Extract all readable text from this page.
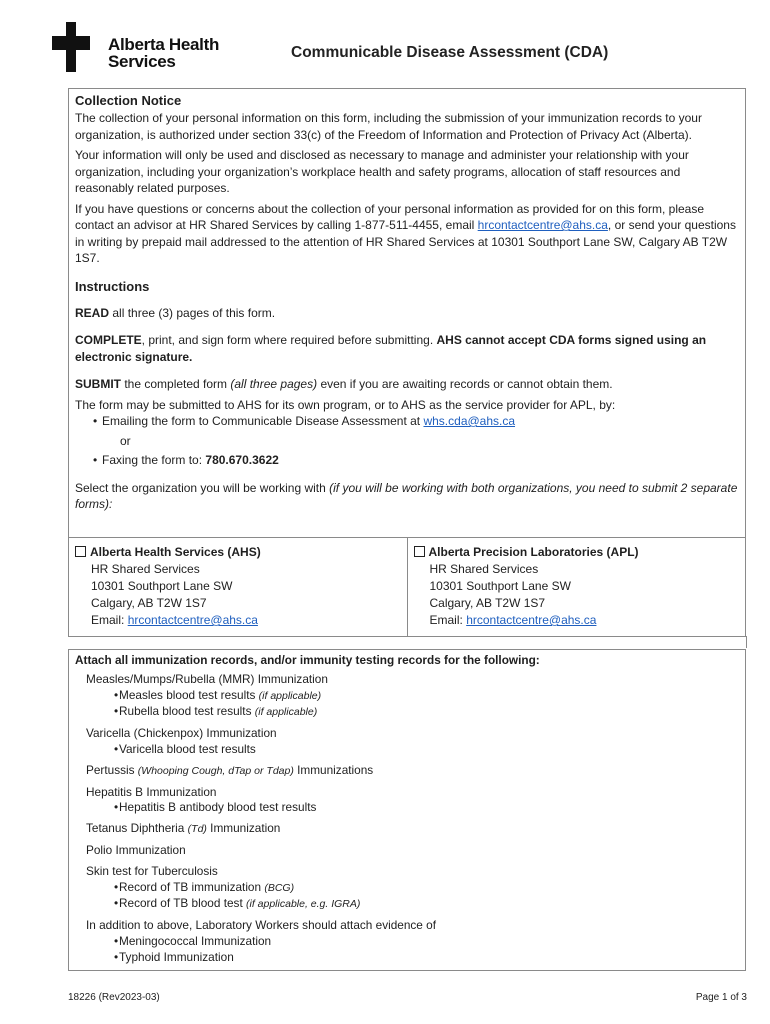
Alberta Health
Services	Communicable Disease Assessment (CDA)

Collection Notice

The collection of your personal information on this form, including the submission of your immunization records to your organization, is authorized under section 33(c) of the Freedom of Information and Protection of Privacy Act (Alberta).

Your information will only be used and disclosed as necessary to manage and administer your relationship with your organization, including your organization’s workplace health and safety programs, allocation of staff resources and reasonably related purposes.

If you have questions or concerns about the collection of your personal information as provided for on this form, please contact an advisor at HR Shared Services by calling 1-877-511-4455, email hrcontactcentre@ahs.ca, or send your questions in writing by prepaid mail addressed to the attention of HR Shared Services at 10301 Southport Lane SW, Calgary AB T2W 1S7.

Instructions

READ all three (3) pages of this form.

COMPLETE, print, and sign form where required before submitting. AHS cannot accept CDA forms signed using an electronic signature.

SUBMIT the completed form (all three pages) even if you are awaiting records or cannot obtain them.

The form may be submitted to AHS for its own program, or to AHS as the service provider for APL, by:

• Emailing the form to Communicable Disease Assessment at whs.cda@ahs.ca

or

• Faxing the form to: 780.670.3622

Select the organization you will be working with (if you will be working with both organizations, you need to submit 2 separate forms):

Alberta Health Services (AHS)
HR Shared Services
10301 Southport Lane SW
Calgary, AB T2W 1S7
Email: hrcontactcentre@ahs.ca
Alberta Precision Laboratories (APL)
HR Shared Services
10301 Southport Lane SW
Calgary, AB T2W 1S7
Email: hrcontactcentre@ahs.ca
Attach all immunization records, and/or immunity testing records for the following:
Measles/Mumps/Rubella (MMR) Immunization
• Measles blood test results (if applicable)
• Rubella blood test results (if applicable)
Varicella (Chickenpox) Immunization
• Varicella blood test results
Pertussis (Whooping Cough, dTap or Tdap) Immunizations
Hepatitis B Immunization
• Hepatitis B antibody blood test results
Tetanus Diphtheria (Td) Immunization
Polio Immunization
Skin test for Tuberculosis
• Record of TB immunization (BCG)
• Record of TB blood test (if applicable, e.g. IGRA)
In addition to above, Laboratory Workers should attach evidence of
• Meningococcal Immunization
• Typhoid Immunization
18226 (Rev2023-03)	Page 1 of 3
